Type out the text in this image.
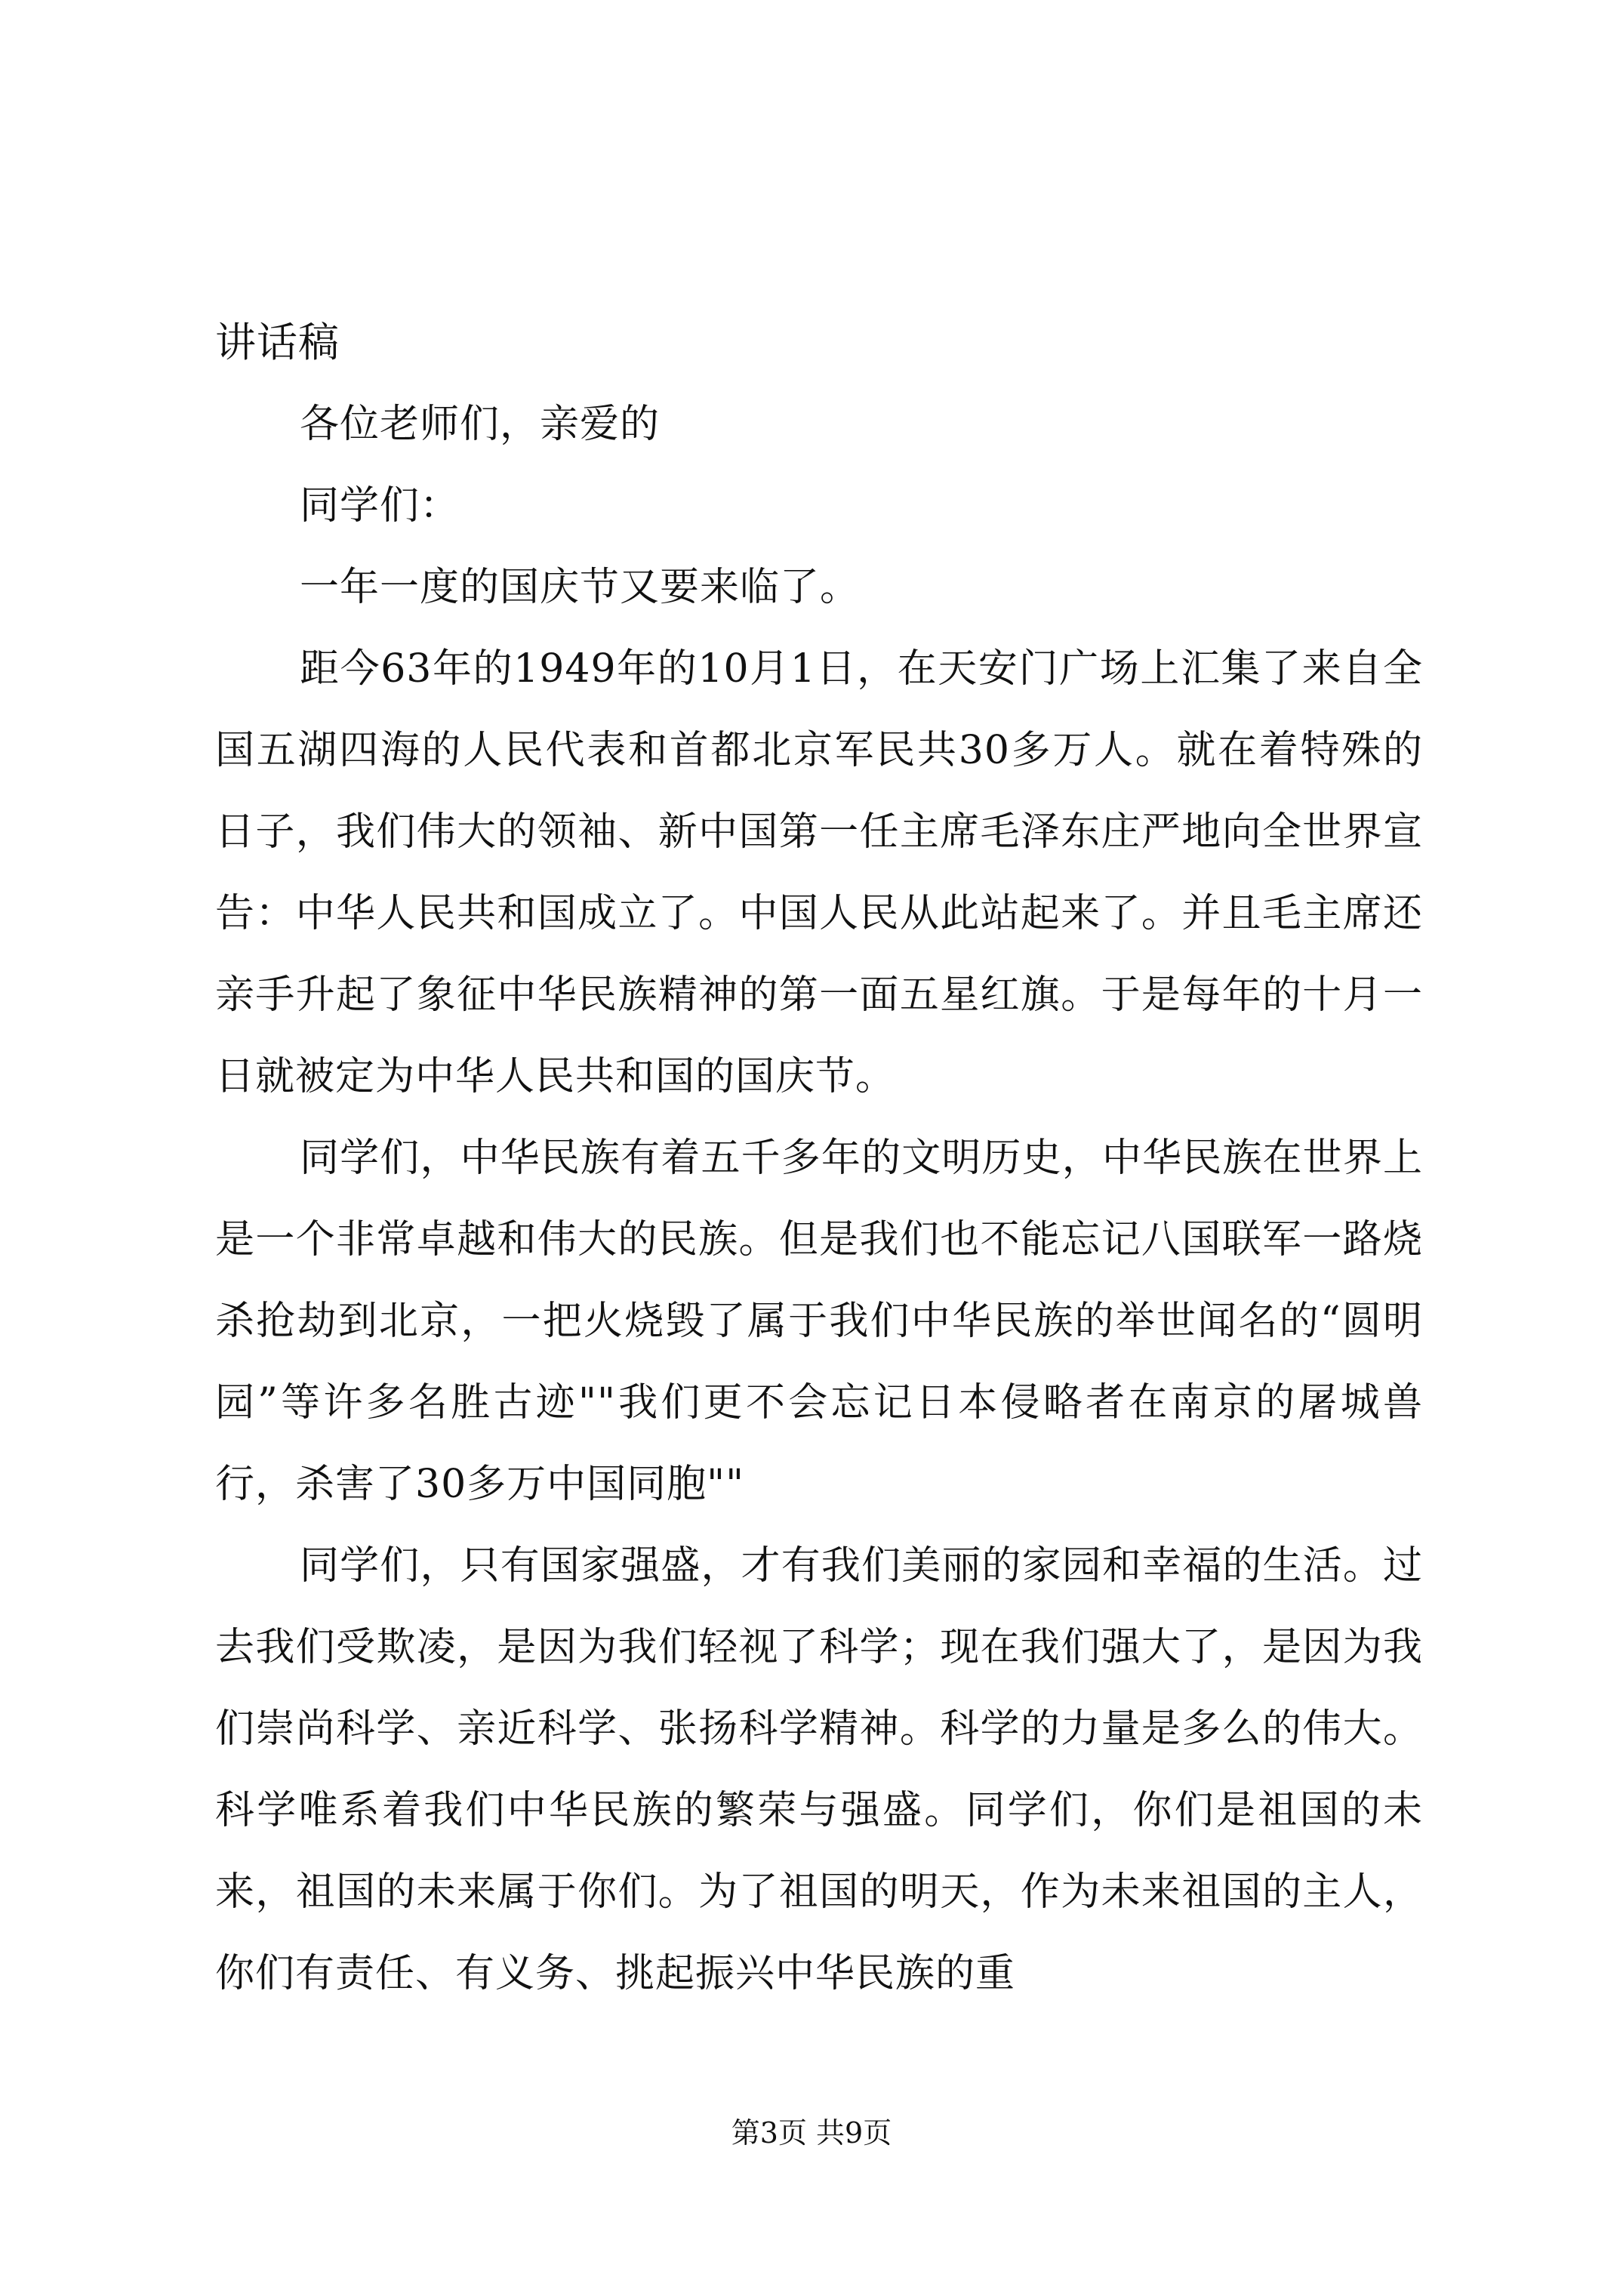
讲话稿

各位老师们，亲爱的

同学们：

一年一度的国庆节又要来临了。

距今63年的1949年的10月1日，在天安门广场上汇集了来自全国五湖四海的人民代表和首都北京军民共30多万人。就在着特殊的日子，我们伟大的领袖、新中国第一任主席毛泽东庄严地向全世界宣告：中华人民共和国成立了。中国人民从此站起来了。并且毛主席还亲手升起了象征中华民族精神的第一面五星红旗。于是每年的十月一日就被定为中华人民共和国的国庆节。

同学们，中华民族有着五千多年的文明历史，中华民族在世界上是一个非常卓越和伟大的民族。但是我们也不能忘记八国联军一路烧杀抢劫到北京，一把火烧毁了属于我们中华民族的举世闻名的“圆明园”等许多名胜古迹""我们更不会忘记日本侵略者在南京的屠城兽行，杀害了30多万中国同胞""

同学们，只有国家强盛，才有我们美丽的家园和幸福的生活。过去我们受欺凌，是因为我们轻视了科学；现在我们强大了，是因为我们崇尚科学、亲近科学、张扬科学精神。科学的力量是多么的伟大。科学唯系着我们中华民族的繁荣与强盛。同学们，你们是祖国的未来，祖国的未来属于你们。为了祖国的明天，作为未来祖国的主人，你们有责任、有义务、挑起振兴中华民族的重

第3页 共9页
